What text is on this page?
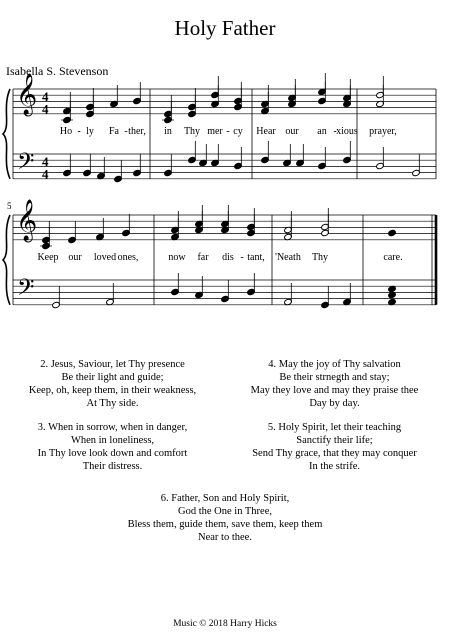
Holy Father
Isabella S. Stevenson
𝄞
𝄢
4
4
4
4
Ho - ly Fa - ther, in Thy mer - cy Hear our an - xious prayer,
5 𝄞
𝄢
Keep our loved ones,	now far dis - tant, 'Neath Thy	care.
2. Jesus, Saviour, let Thy presence
Be their light and guide;
Keep, oh, keep them, in their weakness,
At Thy side.
4. May the joy of Thy salvation
Be their strnegth and stay;
May they love and may they praise thee
Day by day.
3. When in sorrow, when in danger,
When in loneliness,
In Thy love look down and comfort
Their distress.
5. Holy Spirit, let their teaching
Sanctify their life;
Send Thy grace, that they may conquer
In the strife.
6. Father, Son and Holy Spirit,
God the One in Three,
Bless them, guide them, save them, keep them
Near to thee.
Music © 2018 Harry Hicks
